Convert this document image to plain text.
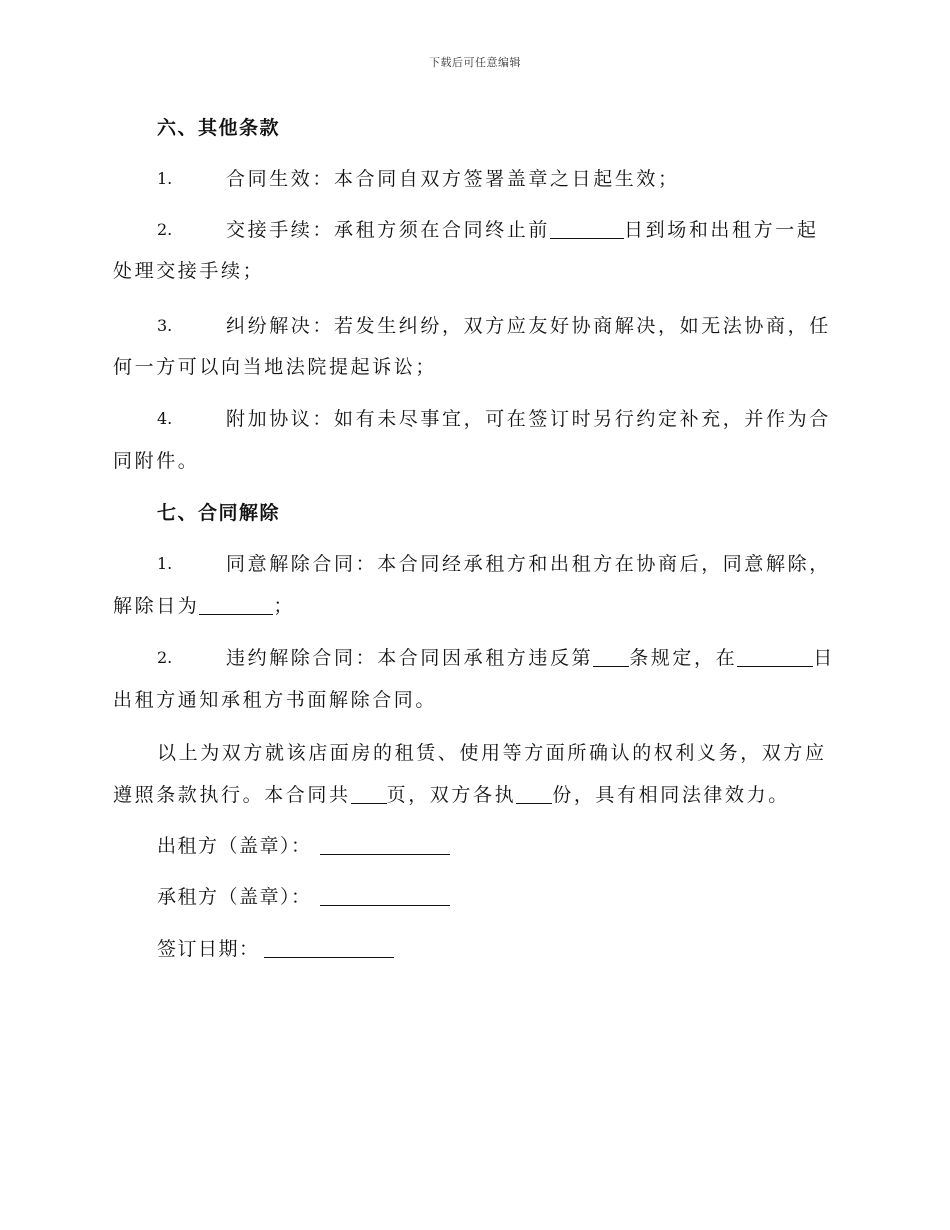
下载后可任意编辑
六、其他条款
1.	合同生效：本合同自双方签署盖章之日起生效；
2.	交接手续：承租方须在合同终止前	日到场和出租方一起
处理交接手续；
3.	纠纷解决：若发生纠纷，双方应友好协商解决，如无法协商，任
何一方可以向当地法院提起诉讼；
4.	附加协议：如有未尽事宜，可在签订时另行约定补充，并作为合
同附件。
七、合同解除
1.	同意解除合同：本合同经承租方和出租方在协商后，同意解除，
解除日为	；
2.	违约解除合同：本合同因承租方违反第 条规定，在	日
出租方通知承租方书面解除合同。
以上为双方就该店面房的租赁、使用等方面所确认的权利义务，双方应
遵照条款执行。本合同共 页，双方各执 份，具有相同法律效力。
出租方（盖章）：
承租方（盖章）：
签订日期：
